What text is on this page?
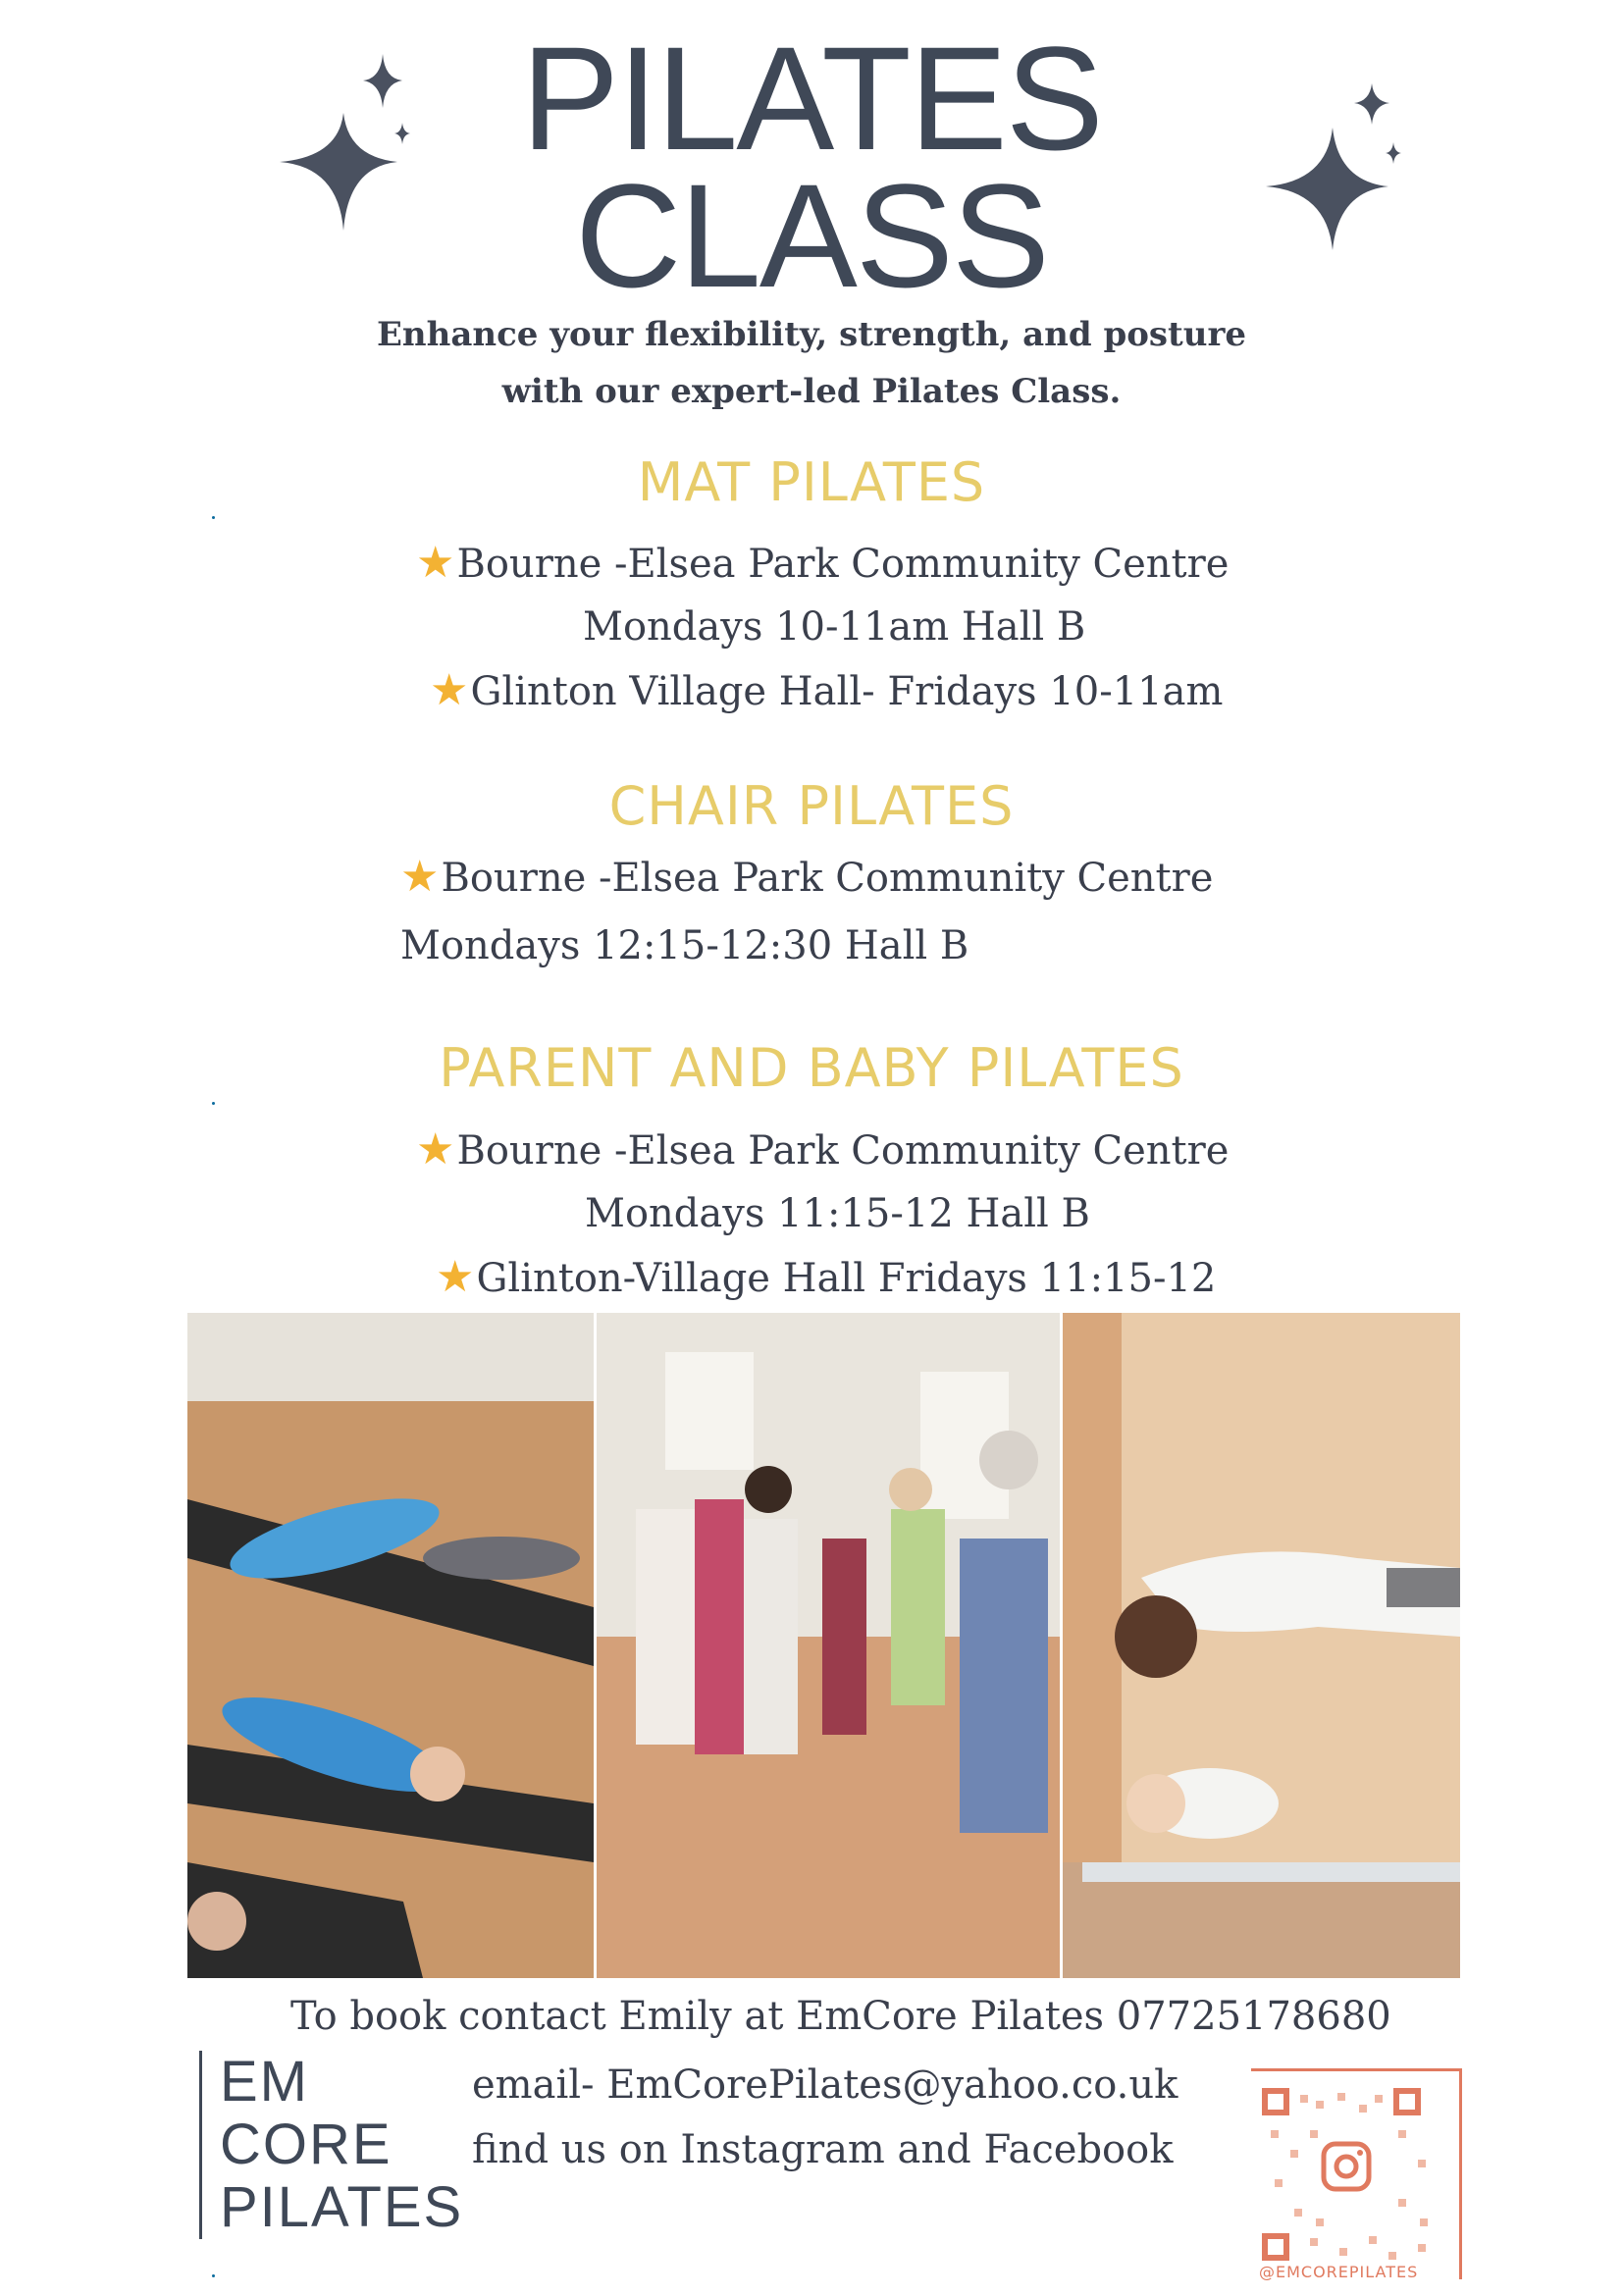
PILATES
CLASS
Enhance your flexibility, strength, and posture
with our expert-led Pilates Class.
MAT PILATES
★Bourne -Elsea Park Community Centre
Mondays 10-11am Hall B
★Glinton Village Hall- Fridays 10-11am
CHAIR PILATES
★Bourne -Elsea Park Community Centre
Mondays 12:15-12:30 Hall B
PARENT AND BABY PILATES
★Bourne -Elsea Park Community Centre
Mondays 11:15-12 Hall B
★Glinton-Village Hall Fridays 11:15-12
To book contact Emily at EmCore Pilates 07725178680
EM
CORE
PILATES
email- EmCorePilates@yahoo.co.uk
find us on Instagram and Facebook
@EMCOREPILATES
